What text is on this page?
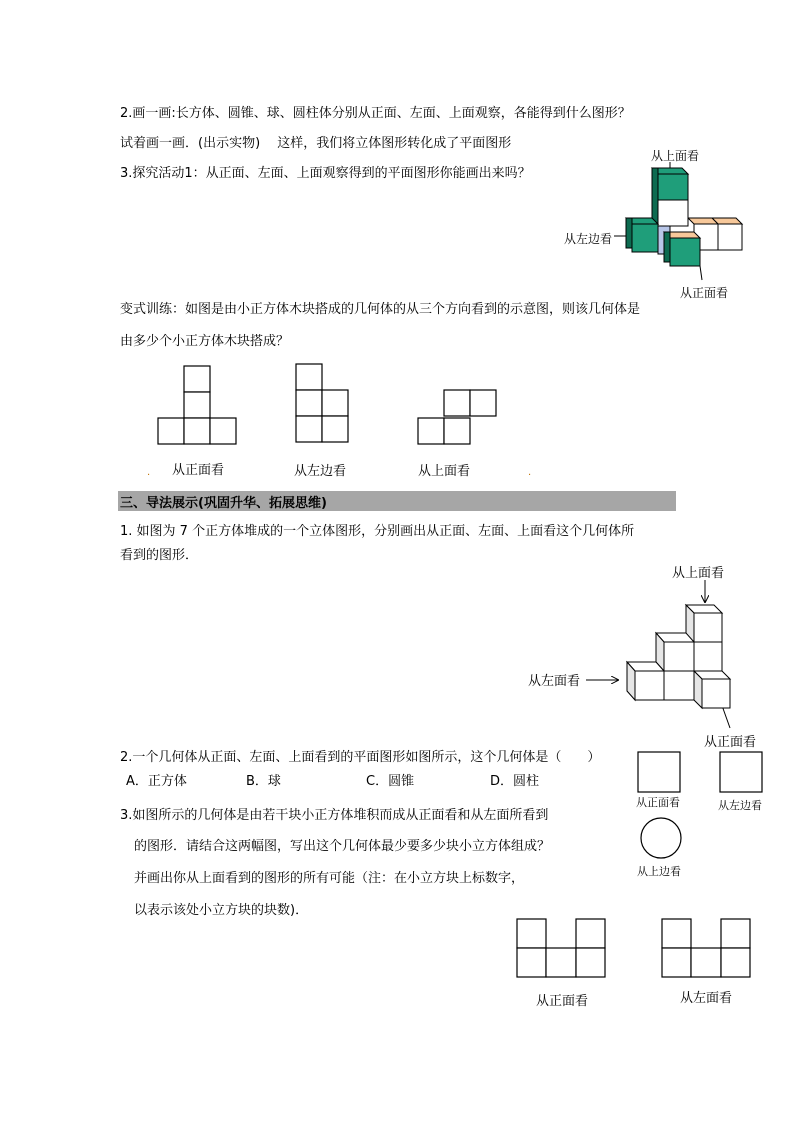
2.画一画:长方体、圆锥、球、圆柱体分别从正面、左面、上面观察，各能得到什么图形？
试着画一画．(出示实物)　 这样，我们将立体图形转化成了平面图形
3.探究活动1：从正面、左面、上面观察得到的平面图形你能画出来吗？
从上面看
从左边看
从正面看
变式训练：如图是由小正方体木块搭成的几何体的从三个方向看到的示意图，则该几何体是
由多少个小正方体木块搭成？
从正面看	从左边看	从上面看
.	.
三、导法展示(巩固升华、拓展思维)
1. 如图为 7 个正方体堆成的一个立体图形，分别画出从正面、左面、上面看这个几何体所
看到的图形．
从上面看
从左面看
从正面看
2.一个几何体从正面、左面、上面看到的平面图形如图所示，这个几何体是（　　）
A．正方体	B．球	C．圆锥	D．圆柱
从正面看	从左边看
从上边看
3.如图所示的几何体是由若干块小正方体堆积而成从正面看和从左面所看到
的图形．请结合这两幅图，写出这个几何体最少要多少块小立方体组成？
并画出你从上面看到的图形的所有可能（注：在小立方块上标数字，
以表示该处小立方块的块数)．
从正面看	从左面看
